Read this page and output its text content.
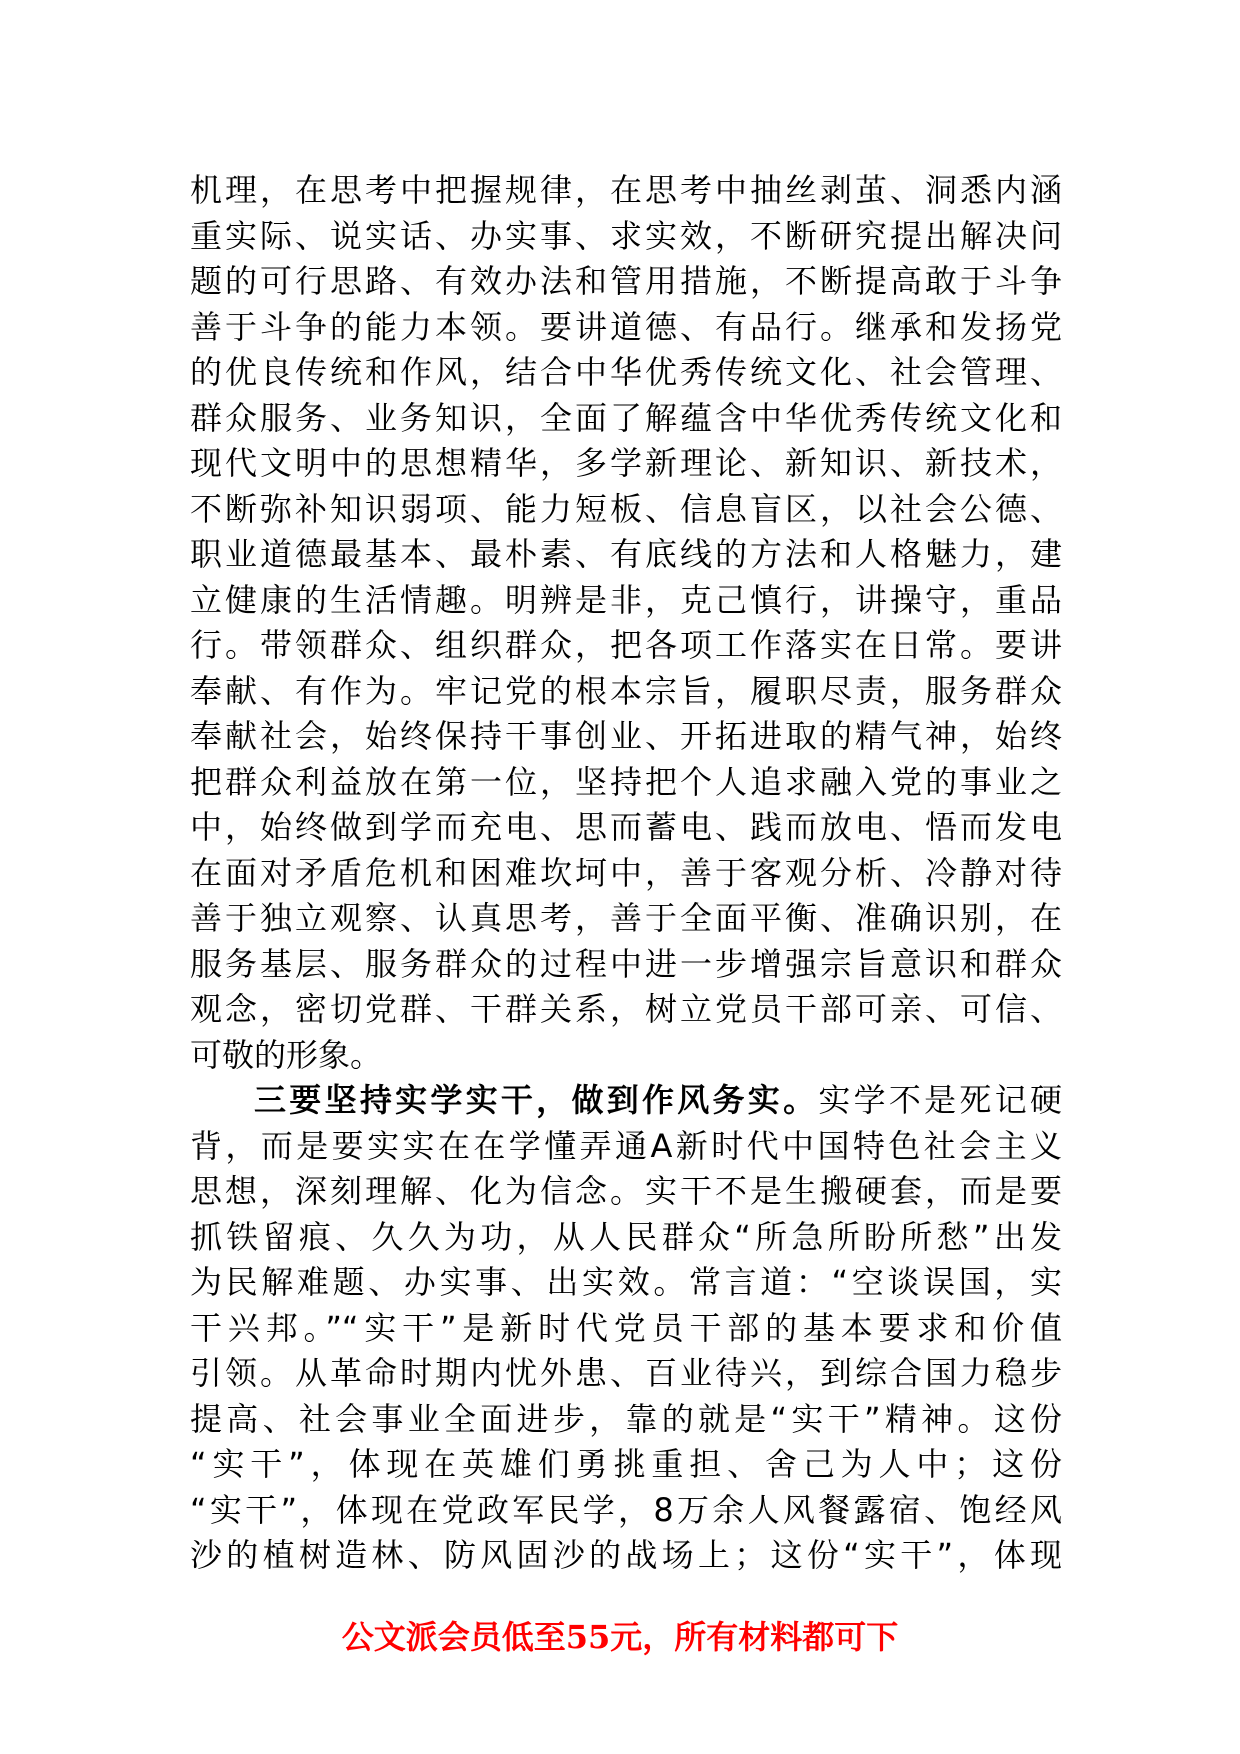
机理，在思考中把握规律，在思考中抽丝剥茧、洞悉内涵
重实际、说实话、办实事、求实效，不断研究提出解决问
题的可行思路、有效办法和管用措施，不断提高敢于斗争
善于斗争的能力本领。要讲道德、有品行。继承和发扬党
的优良传统和作风，结合中华优秀传统文化、社会管理、
群众服务、业务知识，全面了解蕴含中华优秀传统文化和
现代文明中的思想精华，多学新理论、新知识、新技术，
不断弥补知识弱项、能力短板、信息盲区，以社会公德、
职业道德最基本、最朴素、有底线的方法和人格魅力，建
立健康的生活情趣。明辨是非，克己慎行，讲操守，重品
行。带领群众、组织群众，把各项工作落实在日常。要讲
奉献、有作为。牢记党的根本宗旨，履职尽责，服务群众
奉献社会，始终保持干事创业、开拓进取的精气神，始终
把群众利益放在第一位，坚持把个人追求融入党的事业之
中，始终做到学而充电、思而蓄电、践而放电、悟而发电
在面对矛盾危机和困难坎坷中，善于客观分析、冷静对待
善于独立观察、认真思考，善于全面平衡、准确识别，在
服务基层、服务群众的过程中进一步增强宗旨意识和群众
观念，密切党群、干群关系，树立党员干部可亲、可信、
可敬的形象。
三要坚持实学实干，做到作风务实。实学不是死记硬
背，而是要实实在在学懂弄通A新时代中国特色社会主义
思想，深刻理解、化为信念。实干不是生搬硬套，而是要
抓铁留痕、久久为功，从人民群众“所急所盼所愁”出发
为民解难题、办实事、出实效。常言道：“空谈误国，实
干兴邦。”“实干”是新时代党员干部的基本要求和价值
引领。从革命时期内忧外患、百业待兴，到综合国力稳步
提高、社会事业全面进步，靠的就是“实干”精神。这份
“实干”，体现在英雄们勇挑重担、舍己为人中；这份
“实干”，体现在党政军民学，8万余人风餐露宿、饱经风
沙的植树造林、防风固沙的战场上；这份“实干”，体现
公文派会员低至55元，所有材料都可下
